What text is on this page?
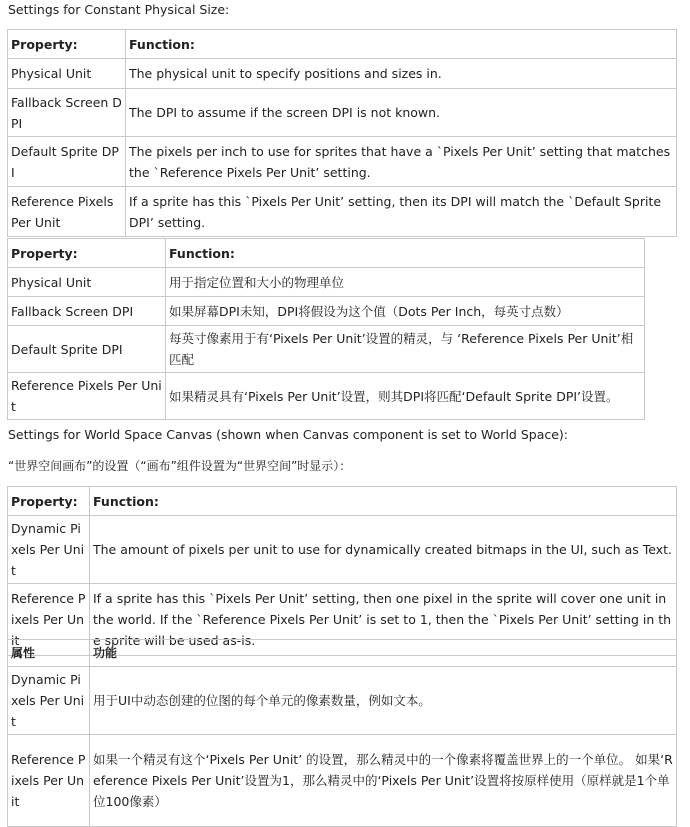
Settings for Constant Physical Size:
Property:	Function:
Physical Unit	The physical unit to specify positions and sizes in.
Fallback Screen DPI	The DPI to assume if the screen DPI is not known.
Default Sprite DPI	The pixels per inch to use for sprites that have a `Pixels Per Unit’ setting that matches the `Reference Pixels Per Unit’ setting.
Reference Pixels Per Unit	If a sprite has this `Pixels Per Unit’ setting, then its DPI will match the `Default Sprite DPI’ setting.
Property:	Function:
Physical Unit	用于指定位置和大小的物理单位
Fallback Screen DPI	如果屏幕DPI未知，DPI将假设为这个值（Dots Per Inch，每英寸点数）
Default Sprite DPI	每英寸像素用于有‘Pixels Per Unit’设置的精灵，与 ‘Reference Pixels Per Unit’相匹配
Reference Pixels Per Unit	如果精灵具有‘Pixels Per Unit’设置，则其DPI将匹配‘Default Sprite DPI’设置。
Settings for World Space Canvas (shown when Canvas component is set to World Space):
“世界空间画布”的设置（“画布”组件设置为“世界空间”时显示）：
Property:	Function:
Dynamic Pixels Per Unit	The amount of pixels per unit to use for dynamically created bitmaps in the UI, such as Text.
Reference Pixels Per Unit	If a sprite has this `Pixels Per Unit’ setting, then one pixel in the sprite will cover one unit in the world. If the `Reference Pixels Per Unit’ is set to 1, then the `Pixels Per Unit’ setting in the sprite will be used as-is.
属性	功能
Dynamic Pixels Per Unit	用于UI中动态创建的位图的每个单元的像素数量，例如文本。
Reference Pixels Per Unit	如果一个精灵有这个‘Pixels Per Unit’ 的设置，那么精灵中的一个像素将覆盖世界上的一个单位。 如果‘Reference Pixels Per Unit’设置为1，那么精灵中的‘Pixels Per Unit’设置将按原样使用（原样就是1个单位100像素）
